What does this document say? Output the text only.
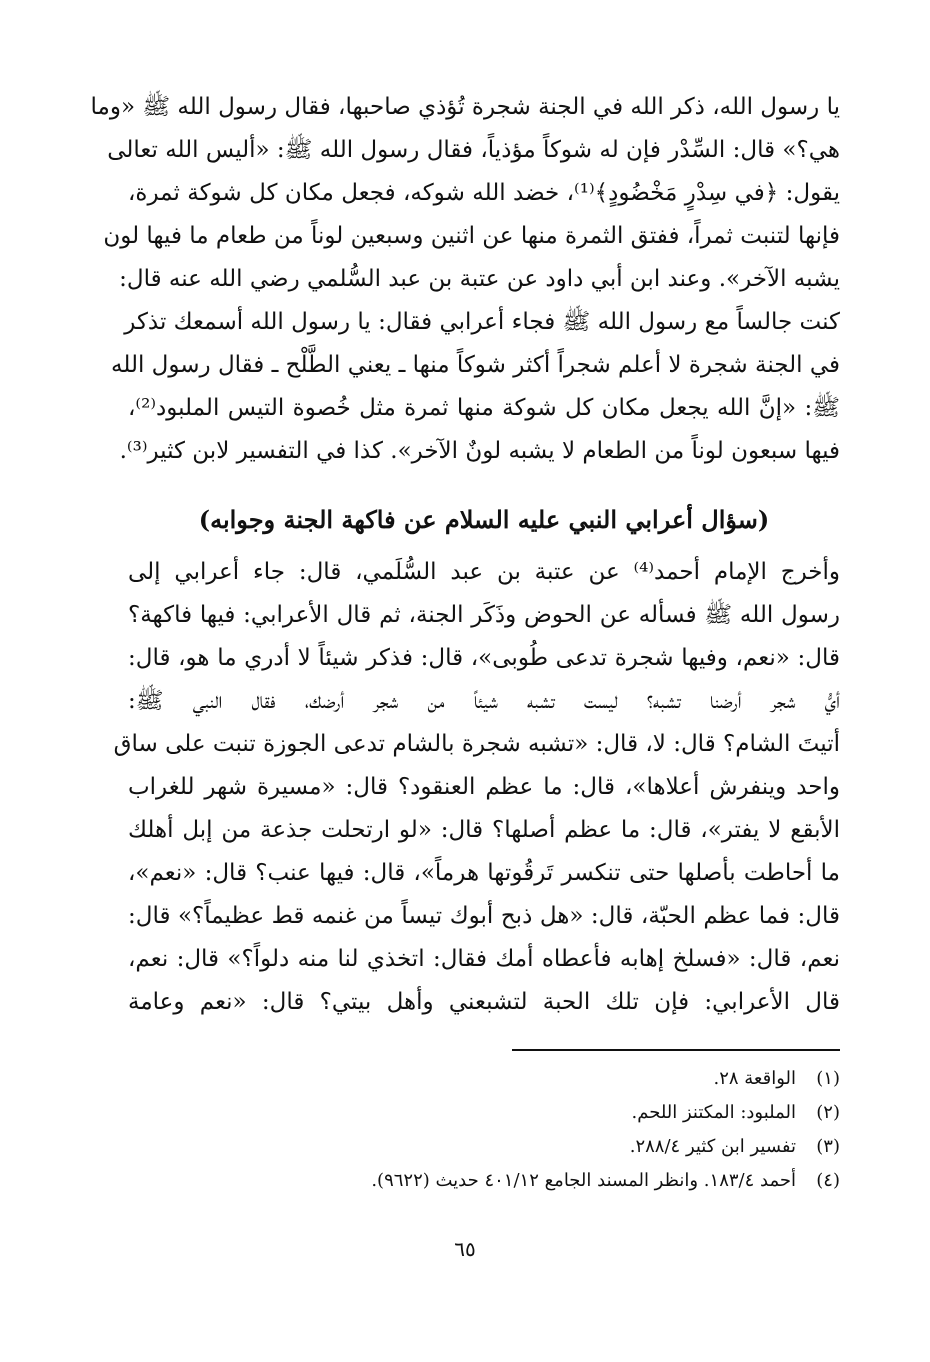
يا رسول الله، ذكر الله في الجنة شجرة تُؤذي صاحبها، فقال رسول الله ﷺ «وما
هي؟» قال: السِّدْر فإن له شوكاً مؤذياً، فقال رسول الله ﷺ: «أليس الله تعالى
يقول: ﴿في سِدْرٍ مَخْضُودٍ﴾⁽¹⁾، خضد الله شوكه، فجعل مكان كل شوكة ثمرة،
فإنها لتنبت ثمراً، ففتق الثمرة منها عن اثنين وسبعين لوناً من طعام ما فيها لون
يشبه الآخر». وعند ابن أبي داود عن عتبة بن عبد السُّلمي رضي الله عنه قال:
كنت جالساً مع رسول الله ﷺ فجاء أعرابي فقال: يا رسول الله أسمعك تذكر
في الجنة شجرة لا أعلم شجراً أكثر شوكاً منها ـ يعني الطَّلْح ـ فقال رسول الله
ﷺ: «إنَّ الله يجعل مكان كل شوكة منها ثمرة مثل خُصوة التيس الملبود⁽²⁾،
فيها سبعون لوناً من الطعام لا يشبه لونٌ الآخر». كذا في التفسير لابن كثير⁽³⁾.
(سؤال أعرابي النبي عليه السلام عن فاكهة الجنة وجوابه)
وأخرج الإمام أحمد⁽⁴⁾ عن عتبة بن عبد السُّلَمي، قال: جاء أعرابي إلى
رسول الله ﷺ فسأله عن الحوض وذَكَر الجنة، ثم قال الأعرابي: فيها فاكهة؟
قال: «نعم، وفيها شجرة تدعى طُوبى»، قال: فذكر شيئاً لا أدري ما هو، قال:
أيُّ شجر أرضنا تشبه؟ ليست تشبه شيئاً من شجر أرضك، فقال النبي ﷺ:
أتيتَ الشام؟ قال: لا، قال: «تشبه شجرة بالشام تدعى الجوزة تنبت على ساق
واحد وينفرش أعلاها»، قال: ما عظم العنقود؟ قال: «مسيرة شهر للغراب
الأبقع لا يفتر»، قال: ما عظم أصلها؟ قال: «لو ارتحلت جذعة من إبل أهلك
ما أحاطت بأصلها حتى تنكسر تَرقُوتها هرماً»، قال: فيها عنب؟ قال: «نعم»،
قال: فما عظم الحبّة، قال: «هل ذبح أبوك تيساً من غنمه قط عظيماً؟» قال:
نعم، قال: «فسلخ إهابه فأعطاه أمك فقال: اتخذي لنا منه دلواً؟» قال: نعم،
قال الأعرابي: فإن تلك الحبة لتشبعني وأهل بيتي؟ قال: «نعم وعامة
(١)
الواقعة ٢٨.
(٢)
الملبود: المكتنز اللحم.
(٣)
تفسير ابن كثير ٢٨٨/٤.
(٤)
أحمد ١٨٣/٤. وانظر المسند الجامع ٤٠١/١٢ حديث (٩٦٢٢).
٦٥
